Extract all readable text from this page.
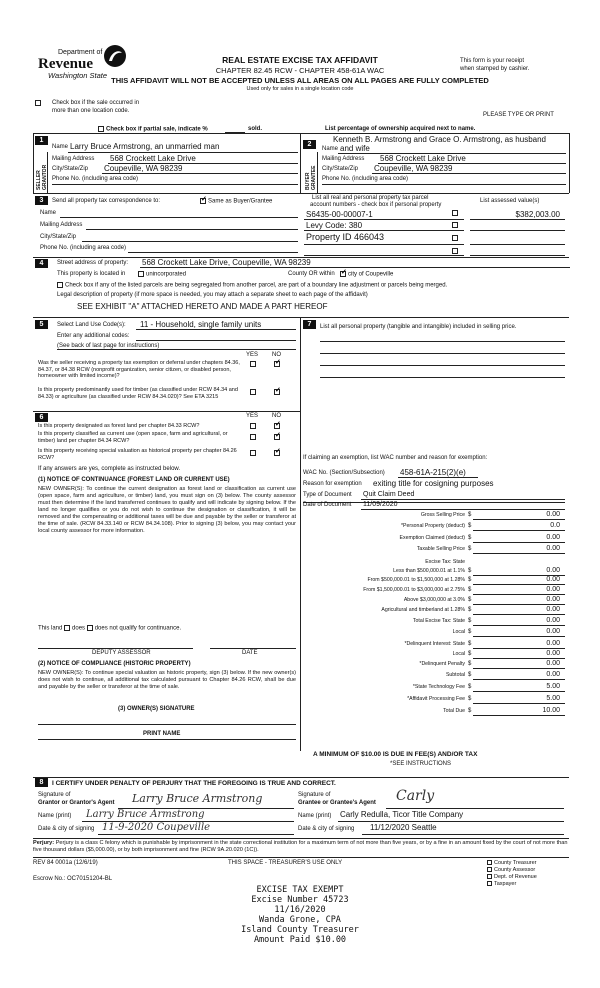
Department of
Revenue
Washington State
REAL ESTATE EXCISE TAX AFFIDAVIT
CHAPTER 82.45 RCW - CHAPTER 458-61A WAC
THIS AFFIDAVIT WILL NOT BE ACCEPTED UNLESS ALL AREAS ON ALL PAGES ARE FULLY COMPLETED
Used only for sales in a single location code
This form is your receipt
when stamped by cashier.
Check box if the sale occurred in
more than one location code.
PLEASE TYPE OR PRINT
Check box if partial sale, indicate %	sold.	List percentage of ownership acquired next to name.
1
SELLER GRANTOR
Name Larry Bruce Armstrong, an unmarried man
Mailing Address 568 Crockett Lake Drive
City/State/Zip Coupeville, WA 98239
Phone No. (including area code)
2
BUYER GRANTEE
Kenneth B. Armstrong and Grace O. Armstrong, as husband
Name and wife
Mailing Address 568 Crockett Lake Drive
City/State/Zip Coupeville, WA 98239
Phone No. (including area code)
3	Send all property tax correspondence to: ✓	Same as Buyer/Grantee
Name
Mailing Address
City/State/Zip
Phone No. (including area code)
List all real and personal property tax parcel
account numbers - check box if personal property
List assessed value(s)
S6435-00-00007-1	$382,003.00
Levy Code: 380
Property ID 466043
4	Street address of property: 568 Crockett Lake Drive, Coupeville, WA 98239
This property is located in	unincorporated	County OR within ✓	city of Coupeville
Check box if any of the listed parcels are being segregated from another parcel, are part of a boundary line adjustment or parcels being merged.
Legal description of property (if more space is needed, you may attach a separate sheet to each page of the affidavit)
SEE EXHIBIT "A" ATTACHED HERETO AND MADE A PART HEREOF
5	Select Land Use Code(s): 11 - Household, single family units
Enter any additional codes:
(See back of last page for instructions)
YES NO
Was the seller receiving a property tax exemption or deferral under chapters 84.36, 84.37, or 84.38 RCW (nonprofit organization, senior citizen, or disabled person, homeowner with limited income)?
✓
Is this property predominantly used for timber (as classified under RCW 84.34 and 84.33) or agriculture (as classified under RCW 84.34.020)? See ETA 3215
✓
6	YES NO
Is this property designated as forest land per chapter 84.33 RCW?
✓
Is this property classified as current use (open space, farm and agricultural, or timber) land per chapter 84.34 RCW?
✓
Is this property receiving special valuation as historical property per chapter 84.26 RCW?
✓
If any answers are yes, complete as instructed below.
(1) NOTICE OF CONTINUANCE (FOREST LAND OR CURRENT USE)
NEW OWNER(S): To continue the current designation as forest land or classification as current use (open space, farm and agriculture, or timber) land, you must sign on (3) below. The county assessor must then determine if the land transferred continues to qualify and will indicate by signing below. If the land no longer qualifies or you do not wish to continue the designation or classification, it will be removed and the compensating or additional taxes will be due and payable by the seller or transferor at the time of sale. (RCW 84.33.140 or RCW 84.34.108). Prior to signing (3) below, you may contact your local county assessor for more information.
This land does does not qualify for continuance.
DEPUTY ASSESSOR	DATE
(2) NOTICE OF COMPLIANCE (HISTORIC PROPERTY)
NEW OWNER(S): To continue special valuation as historic property, sign (3) below. If the new owner(s) does not wish to continue, all additional tax calculated pursuant to Chapter 84.26 RCW, shall be due and payable by the seller or transferor at the time of sale.
(3) OWNER(S) SIGNATURE
PRINT NAME
7	List all personal property (tangible and intangible) included in selling price.
If claiming an exemption, list WAC number and reason for exemption:
WAC No. (Section/Subsection) 458-61A-215(2)(e)
Reason for exemption exiting title for cosigning purposes
Type of Document Quit Claim Deed
Date of Document 11/09/2020
Gross Selling Price $	0.00
*Personal Property (deduct) $	0.0
Exemption Claimed (deduct) $	0.00
Taxable Selling Price $	0.00
Excise Tax: State
Less than $500,000.01 at 1.1% $	0.00
From $500,000.01 to $1,500,000 at 1.28% $	0.00
From $1,500,000.01 to $3,000,000 at 2.75% $	0.00
Above $3,000,000 at 3.0% $	0.00
Agricultural and timberland at 1.28% $	0.00
Total Excise Tax: State $	0.00
Local $	0.00
*Delinquent Interest: State $	0.00
Local $	0.00
*Delinquent Penalty $	0.00
Subtotal $	0.00
*State Technology Fee $	5.00
*Affidavit Processing Fee $	5.00
Total Due $	10.00
A MINIMUM OF $10.00 IS DUE IN FEE(S) AND/OR TAX
*SEE INSTRUCTIONS
8	I CERTIFY UNDER PENALTY OF PERJURY THAT THE FOREGOING IS TRUE AND CORRECT.
Signature of
Grantor or Grantor's Agent Larry Bruce Armstrong
Name (print) Larry Bruce Armstrong
Date & city of signing 11-9-2020 Coupeville
Signature of
Grantee or Grantee's Agent Carly
Name (print) Carly Redulla, Ticor Title Company
Date & city of signing 11/12/2020 Seattle
Perjury: Perjury is a class C felony which is punishable by imprisonment in the state correctional institution for a maximum term of not more than five years, or by a fine in an amount fixed by the court of not more than five thousand dollars ($5,000.00), or by both imprisonment and fine (RCW 9A.20.020 (1C)).
REV 84 0001a (12/6/19)	THIS SPACE - TREASURER'S USE ONLY
Escrow No.: OC70151204-BL
County Treasurer
County Assessor
Dept. of Revenue
Taxpayer
EXCISE TAX EXEMPT
Excise Number 45723
11/16/2020
Wanda Grone, CPA
Island County Treasurer
Amount Paid $10.00
